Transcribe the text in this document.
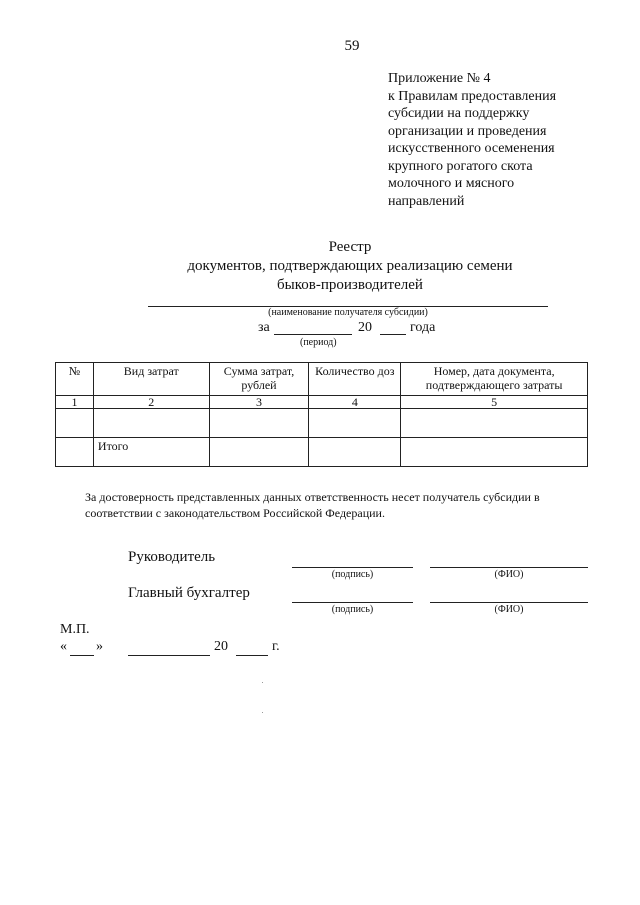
59
Приложение № 4
к Правилам предоставления
субсидии на поддержку
организации и проведения
искусственного осеменения
крупного рогатого скота
молочного и мясного
направлений
Реестр
документов, подтверждающих реализацию семени
быков-производителей
(наименование получателя субсидии)
за	20	года
(период)
№	Вид затрат	Сумма затрат, рублей	Количество доз	Номер, дата документа, подтверждающего затраты
1	2	3	4	5

	Итого			
За достоверность представленных данных ответственность несет получатель субсидии в соответствии с законодательством Российской Федерации.
Руководитель
(подпись)	(ФИО)
Главный бухгалтер
(подпись)	(ФИО)
М.П.
« »	20	г.
